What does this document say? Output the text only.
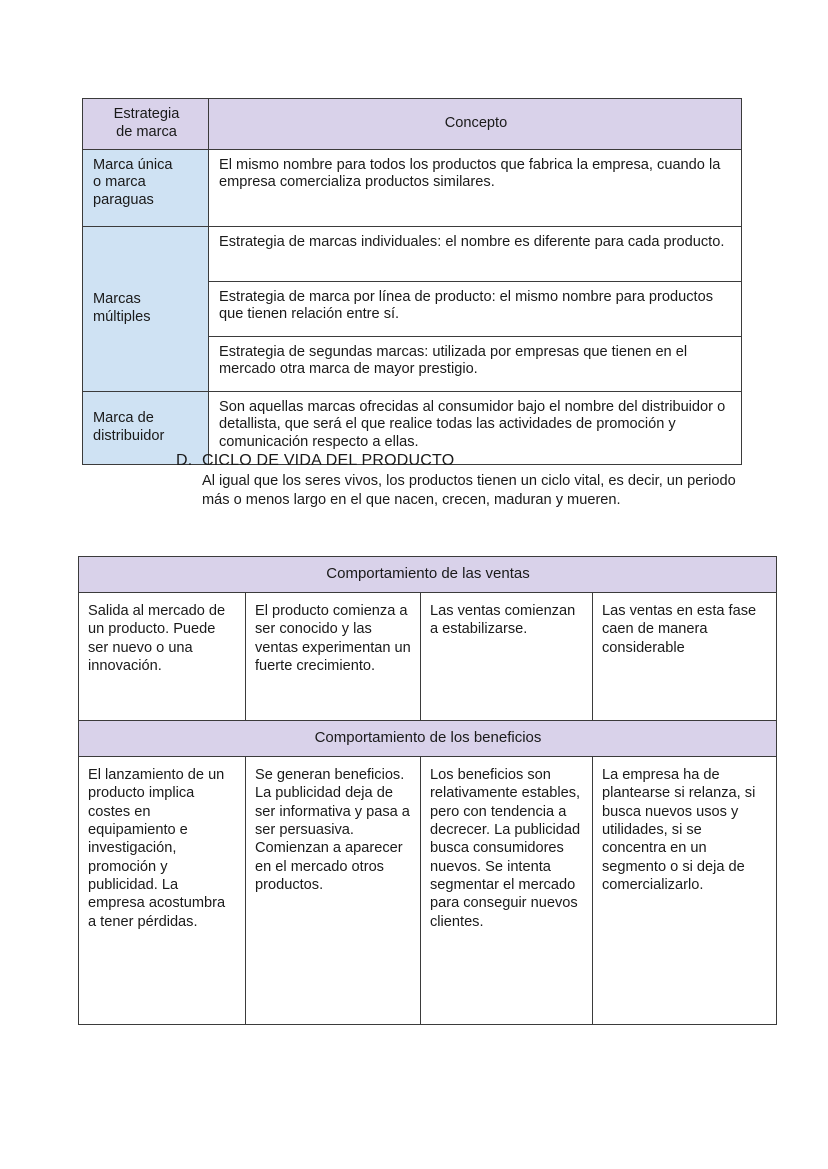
Estrategia
de marca	Concepto
Marca única
o marca
paraguas	El mismo nombre para todos los productos que fabrica la empresa, cuando la empresa comercializa productos similares.
Marcas
múltiples	Estrategia de marcas individuales: el nombre es diferente para cada producto.
	Estrategia de marca por línea de producto: el mismo nombre para productos que tienen relación entre sí.
	Estrategia de segundas marcas: utilizada por empresas que tienen en el mercado otra marca de mayor prestigio.
Marca de
distribuidor	Son aquellas marcas ofrecidas al consumidor bajo el nombre del distribuidor o detallista, que será el que realice todas las actividades de promoción y comunicación respecto a ellas.
D. CICLO DE VIDA DEL PRODUCTO
Al igual que los seres vivos, los productos tienen un ciclo vital, es decir, un periodo más o menos largo en el que nacen, crecen, maduran y mueren.
Comportamiento de las ventas			
Salida al mercado de un producto. Puede ser nuevo o una innovación.	El producto comienza a ser conocido y las ventas experimentan un fuerte crecimiento.	Las ventas comienzan a estabilizarse.	Las ventas en esta fase caen de manera considerable
Comportamiento de los beneficios			
El lanzamiento de un producto implica costes en equipamiento e investigación, promoción y publicidad. La empresa acostumbra a tener pérdidas.	Se generan beneficios. La publicidad deja de ser informativa y pasa a ser persuasiva. Comienzan a aparecer en el mercado otros productos.	Los beneficios son relativamente estables, pero con tendencia a decrecer. La publicidad busca consumidores nuevos. Se intenta segmentar el mercado para conseguir nuevos clientes.	La empresa ha de plantearse si relanza, si busca nuevos usos y utilidades, si se concentra en un segmento o si deja de comercializarlo.
